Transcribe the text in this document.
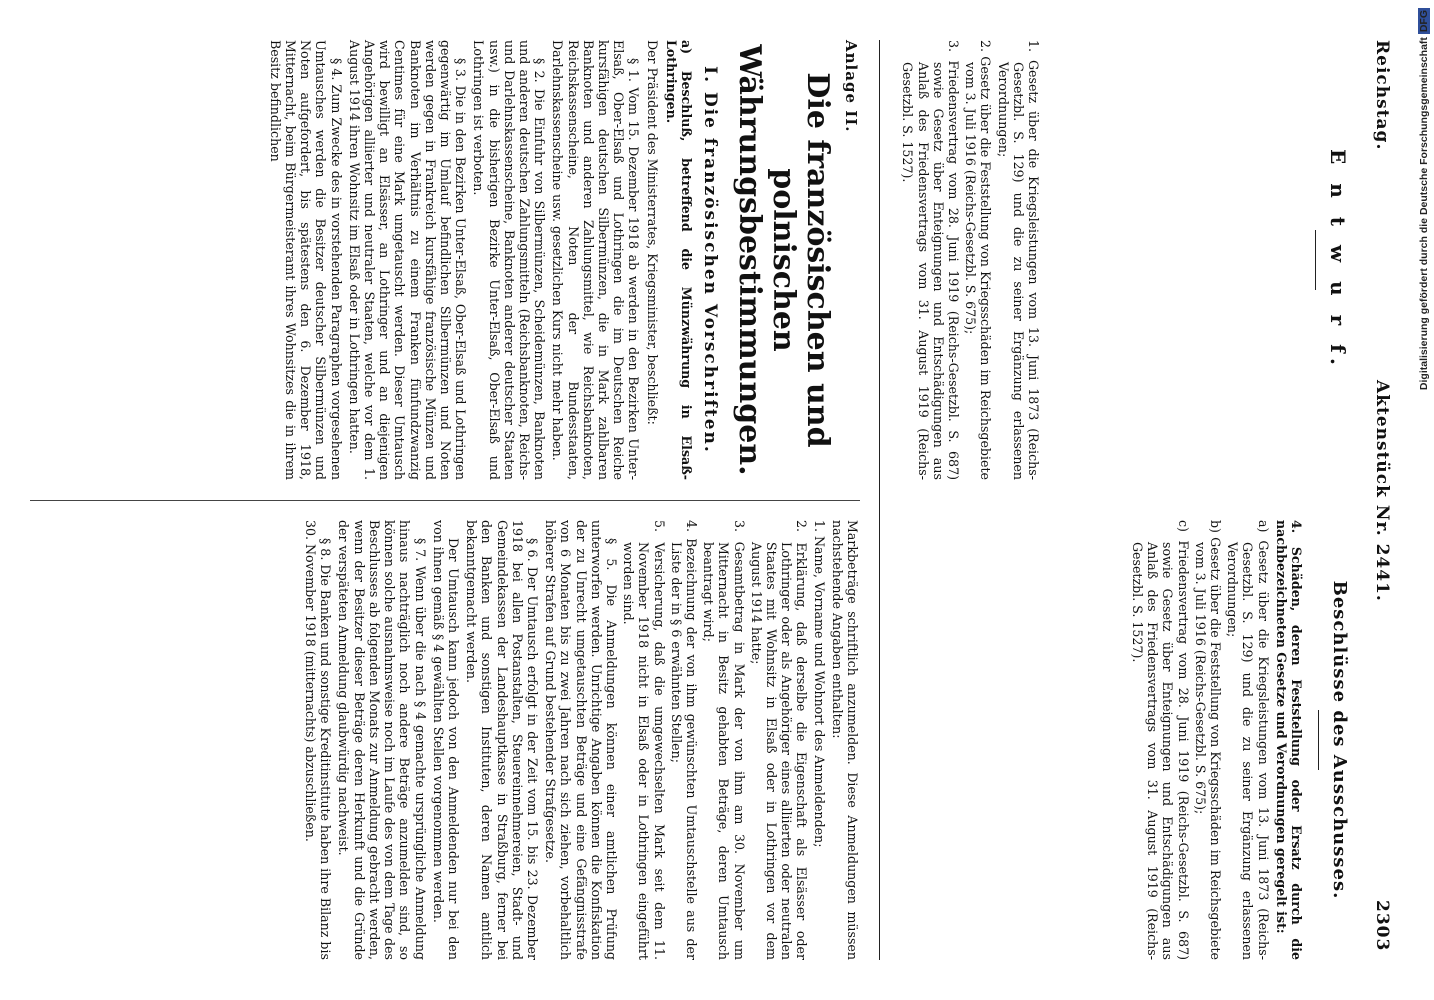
Reichstag.
Aktenstück Nr. 2441.
2303
E n t w u r f.
1. Gesetz über die Kriegsleistungen vom 13. Juni 1873 (Reichs-Gesetzbl. S. 129) und die zu seiner Ergänzung erlassenen Verordnungen;
2. Gesetz über die Feststellung von Kriegsschäden im Reichsgebiete vom 3. Juli 1916 (Reichs-Gesetzbl. S. 675);
3. Friedensvertrag vom 28. Juni 1919 (Reichs-Gesetzbl. S. 687) sowie Gesetz über Enteignungen und Entschädigungen aus Anlaß des Friedensvertrags vom 31. August 1919 (Reichs-Gesetzbl. S. 1527).
Beschlüsse des Ausschusses.
4. Schäden, deren Feststellung oder Ersatz durch die nachbezeichneten Gesetze und Verordnungen geregelt ist:
a) Gesetz über die Kriegsleistungen vom 13. Juni 1873 (Reichs-Gesetzbl. S. 129) und die zu seiner Ergänzung erlassenen Verordnungen;
b) Gesetz über die Feststellung von Kriegsschäden im Reichsgebiete vom 3. Juli 1916 (Reichs-Gesetzbl. S. 675);
c) Friedensvertrag vom 28. Juni 1919 (Reichs-Gesetzbl. S. 687) sowie Gesetz über Enteignungen und Entschädigungen aus Anlaß des Friedensvertrags vom 31. August 1919 (Reichs-Gesetzbl. S. 1527).
Anlage II.
Die französischen und polnischen Währungsbestimmungen.
I. Die französischen Vorschriften.
a) Beschluß, betreffend die Münzwährung in Elsaß-Lothringen.
Der Präsident des Ministerrates, Kriegsminister, beschließt:
§ 1. Vom 15. Dezember 1918 ab werden in den Bezirken Unter-Elsaß, Ober-Elsaß und Lothringen die im Deutschen Reiche kursfähigen deutschen Silbermünzen, die in Mark zahlbaren Banknoten und anderen Zahlungsmittel, wie Reichsbanknoten, Reichskassenscheine, Noten der Bundesstaaten, Darlehnskassenscheine usw. gesetzlichen Kurs nicht mehr haben.
§ 2. Die Einfuhr von Silbermünzen, Scheidemünzen, Banknoten und anderen deutschen Zahlungsmitteln (Reichsbanknoten, Reichs- und Darlehnskassenscheine, Banknoten anderer deutscher Staaten usw.) in die bisherigen Bezirke Unter-Elsaß, Ober-Elsaß und Lothringen ist verboten.
§ 3. Die in den Bezirken Unter-Elsaß, Ober-Elsaß und Lothringen gegenwärtig im Umlauf befindlichen Silbermünzen und Noten werden gegen in Frankreich kursfähige französische Münzen und Banknoten im Verhältnis zu einem Franken fünfundzwanzig Centimes für eine Mark umgetauscht werden. Dieser Umtausch wird bewilligt an Elsässer, an Lothringer und an diejenigen Angehörigen alliierter und neutraler Staaten, welche vor dem 1. August 1914 ihren Wohnsitz im Elsaß oder in Lothringen hatten.
§ 4. Zum Zwecke des in vorstehenden Paragraphen vorgesehenen Umtausches werden die Besitzer deutscher Silbermünzen und Noten aufgefordert, bis spätestens den 6. Dezember 1918, Mitternacht, beim Bürgermeisteramt ihres Wohnsitzes die in ihrem Besitz befindlichen
Markbeträge schriftlich anzumelden. Diese Anmeldungen müssen nachstehende Angaben enthalten:
1. Name, Vorname und Wohnort des Anmeldenden;
2. Erklärung, daß derselbe die Eigenschaft als Elsässer oder Lothringer oder als Angehöriger eines alliierten oder neutralen Staates mit Wohnsitz in Elsaß oder in Lothringen vor dem August 1914 hatte;
3. Gesamtbetrag in Mark der von ihm am 30. November um Mitternacht in Besitz gehabten Beträge, deren Umtausch beantragt wird;
4. Bezeichnung der von ihm gewünschten Umtauschstelle aus der Liste der in § 6 erwähnten Stellen;
5. Versicherung, daß die umgewechselten Mark seit dem 11. November 1918 nicht in Elsaß oder in Lothringen eingeführt worden sind.
§ 5. Die Anmeldungen können einer amtlichen Prüfung unterworfen werden. Unrichtige Angaben können die Konfiskation der zu Unrecht umgetauschten Beträge und eine Gefängnisstrafe von 6 Monaten bis zu zwei Jahren nach sich ziehen, vorbehaltlich höherer Strafen auf Grund bestehender Strafgesetze.
§ 6. Der Umtausch erfolgt in der Zeit vom 15. bis 23. Dezember 1918 bei allen Postanstalten, Steuereinnehmereien, Stadt- und Gemeindekassen der Landeshauptkasse in Straßburg, ferner bei den Banken und sonstigen Instituten, deren Namen amtlich bekanntgemacht werden.
Der Umtausch kann jedoch von den Anmeldenden nur bei den von ihnen gemäß § 4 gewählten Stellen vorgenommen werden.
§ 7. Wenn über die nach § 4 gemachte ursprüngliche Anmeldung hinaus nachträglich noch andere Beträge anzumelden sind, so können solche ausnahmsweise noch im Laufe des von dem Tage des Beschlusses ab folgenden Monats zur Anmeldung gebracht werden, wenn der Besitzer dieser Beträge deren Herkunft und die Gründe der verspäteten Anmeldung glaubwürdig nachweist.
§ 8. Die Banken und sonstige Kreditinstitute haben ihre Bilanz bis 30. November 1918 (mitternachts) abzuschließen.
Digitalisierung gefördert durch die Deutsche Forschungsgemeinschaft DFG
